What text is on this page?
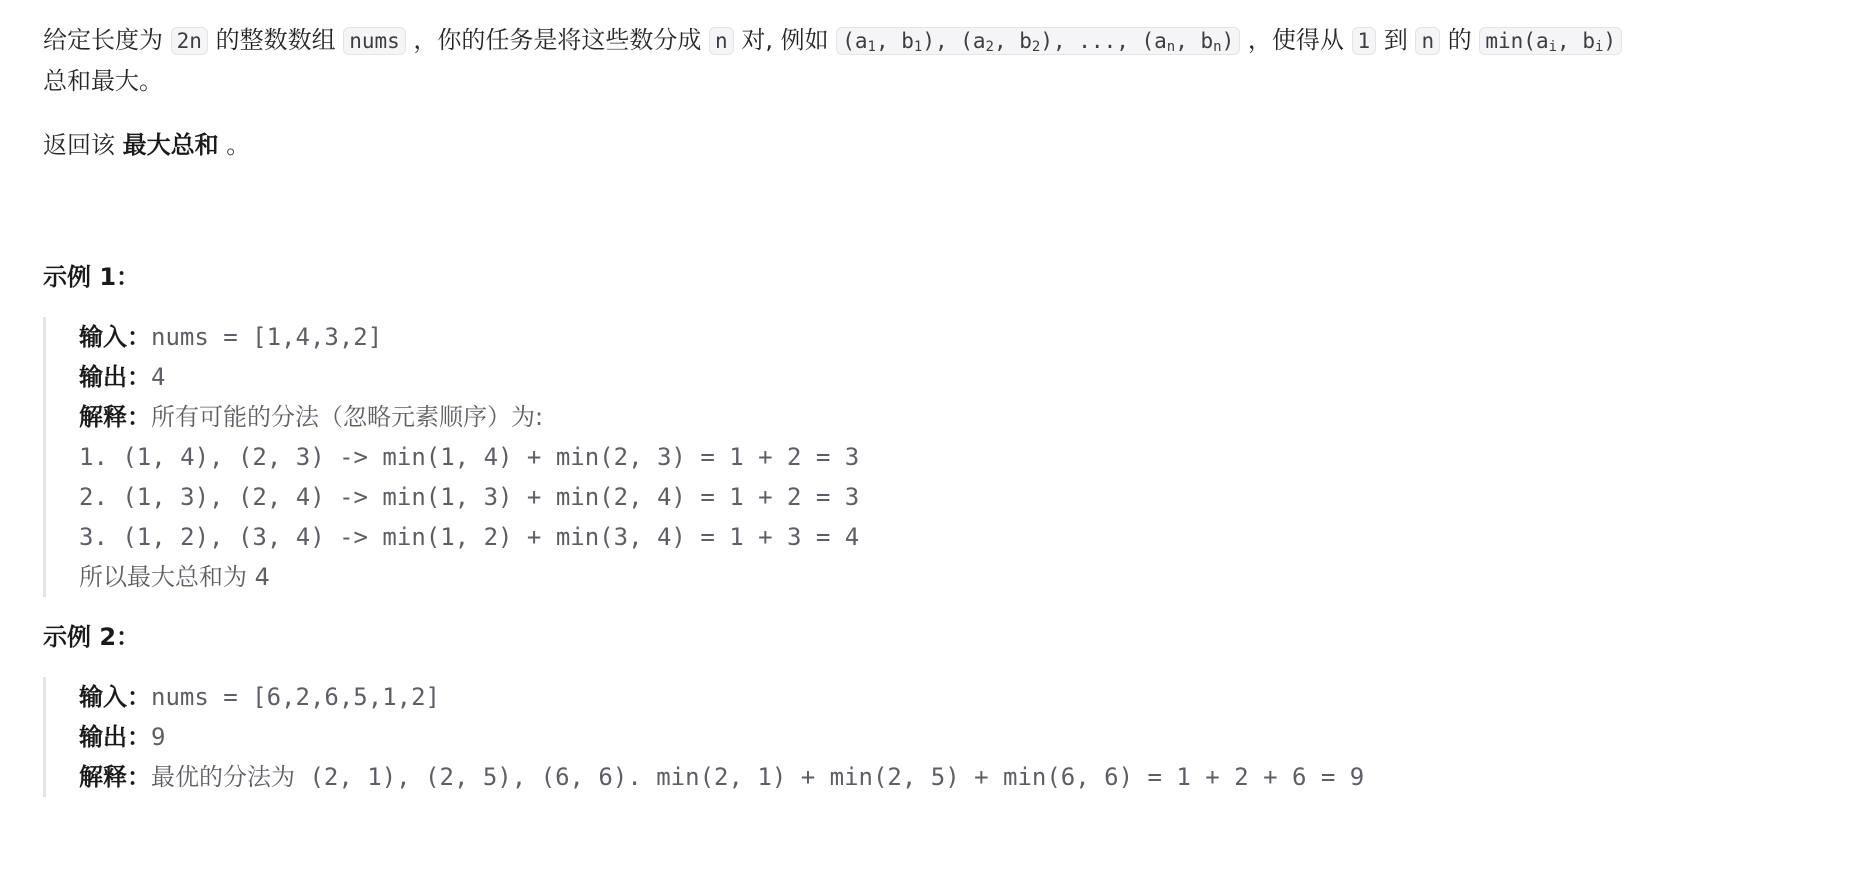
给定长度为 2n 的整数数组 nums ，你的任务是将这些数分成 n 对, 例如 ($a_1$, $b_1$), ($a_2$, $b_2$), ..., ($a_n$, $b_n$) ，使得从 1 到 n 的 $\min(a_i$, $b_i$)
总和最大。

返回该 最大总和 。

示例 1：

输入：nums = [1,4,3,2]
输出：4
解释：所有可能的分法（忽略元素顺序）为:
1. (1, 4), (2, 3) -> min(1, 4) + min(2, 3) = 1 + 2 = 3
2. (1, 3), (2, 4) -> min(1, 3) + min(2, 4) = 1 + 2 = 3
3. (1, 2), (3, 4) -> min(1, 2) + min(3, 4) = 1 + 3 = 4
所以最大总和为 4

示例 2：

输入：nums = [6,2,6,5,1,2]
输出：9
解释：最优的分法为 (2, 1), (2, 5), (6, 6). min(2, 1) + min(2, 5) + min(6, 6) = 1 + 2 + 6 = 9
